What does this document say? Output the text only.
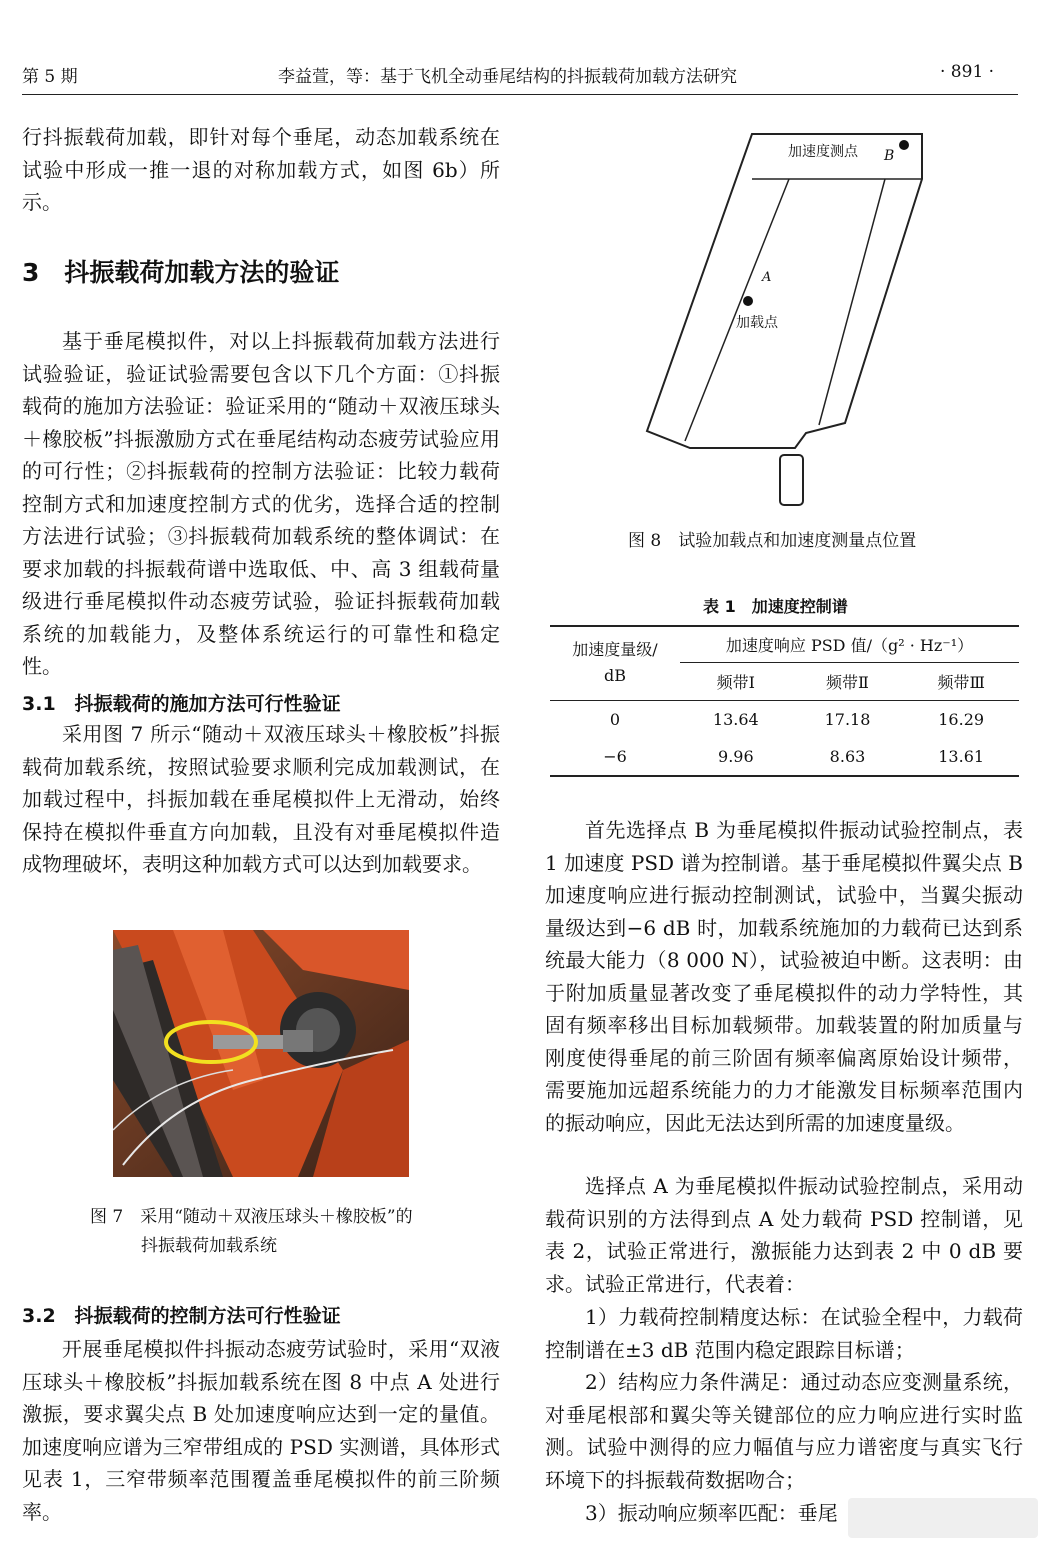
第 5 期	李益萱，等：基于飞机全动垂尾结构的抖振载荷加载方法研究	· 891 ·

行抖振载荷加载，即针对每个垂尾，动态加载系统在试验中形成一推一退的对称加载方式，如图 6b）所示。

3　抖振载荷加载方法的验证

基于垂尾模拟件，对以上抖振载荷加载方法进行试验验证，验证试验需要包含以下几个方面：①抖振载荷的施加方法验证：验证采用的“随动＋双液压球头＋橡胶板”抖振激励方式在垂尾结构动态疲劳试验应用的可行性；②抖振载荷的控制方法验证：比较力载荷控制方式和加速度控制方式的优劣，选择合适的控制方法进行试验；③抖振载荷加载系统的整体调试：在要求加载的抖振载荷谱中选取低、中、高 3 组载荷量级进行垂尾模拟件动态疲劳试验，验证抖振载荷加载系统的加载能力，及整体系统运行的可靠性和稳定性。

3.1　抖振载荷的施加方法可行性验证

采用图 7 所示“随动＋双液压球头＋橡胶板”抖振载荷加载系统，按照试验要求顺利完成加载测试，在加载过程中，抖振加载在垂尾模拟件上无滑动，始终保持在模拟件垂直方向加载，且没有对垂尾模拟件造成物理破坏，表明这种加载方式可以达到加载要求。

图 7　采用“随动＋双液压球头＋橡胶板”的
抖振载荷加载系统
3.2　抖振载荷的控制方法可行性验证

开展垂尾模拟件抖振动态疲劳试验时，采用“双液压球头＋橡胶板”抖振加载系统在图 8 中点 A 处进行激振，要求翼尖点 B 处加速度响应达到一定的量值。加速度响应谱为三窄带组成的 PSD 实测谱，具体形式见表 1，三窄带频率范围覆盖垂尾模拟件的前三阶频率。

加速度测点 B
A
加载点
图 8　试验加载点和加速度测量点位置
表 1　加速度控制谱
加速度量级/
dB	加速度响应 PSD 值/（g² · Hz⁻¹）		
	频带Ⅰ	频带Ⅱ	频带Ⅲ
0	13.64	17.18	16.29
−6	9.96	8.63	13.61

首先选择点 B 为垂尾模拟件振动试验控制点，表 1 加速度 PSD 谱为控制谱。基于垂尾模拟件翼尖点 B 加速度响应进行振动控制测试，试验中，当翼尖振动量级达到−6 dB 时，加载系统施加的力载荷已达到系统最大能力（8 000 N），试验被迫中断。这表明：由于附加质量显著改变了垂尾模拟件的动力学特性，其固有频率移出目标加载频带。加载装置的附加质量与刚度使得垂尾的前三阶固有频率偏离原始设计频带，需要施加远超系统能力的力才能激发目标频率范围内的振动响应，因此无法达到所需的加速度量级。

选择点 A 为垂尾模拟件振动试验控制点，采用动载荷识别的方法得到点 A 处力载荷 PSD 控制谱，见表 2，试验正常进行，激振能力达到表 2 中 0 dB 要求。试验正常进行，代表着：

1）力载荷控制精度达标：在试验全程中，力载荷控制谱在±3 dB 范围内稳定跟踪目标谱；

2）结构应力条件满足：通过动态应变测量系统，对垂尾根部和翼尖等关键部位的应力响应进行实时监测。试验中测得的应力幅值与应力谱密度与真实飞行环境下的抖振载荷数据吻合；

3）振动响应频率匹配：垂尾
